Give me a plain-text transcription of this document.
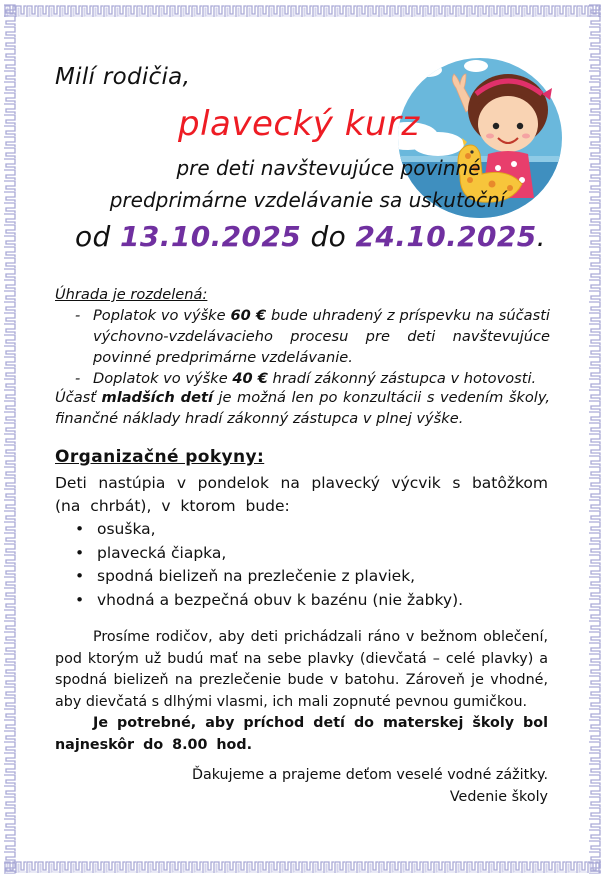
Milí rodičia,
plavecký kurz
pre deti navštevujúce povinné
predprimárne vzdelávanie sa uskutoční
od 13.10.2025 do 24.10.2025.
Úhrada je rozdelená:
- Poplatok vo výške 60 € bude uhradený z príspevku na súčasti výchovno-vzdelávacieho procesu pre deti navštevujúce povinné predprimárne vzdelávanie.
- Doplatok vo výške 40 € hradí zákonný zástupca v hotovosti.
Účasť mladších detí je možná len po konzultácii s vedením školy, finančné náklady hradí zákonný zástupca v plnej výške.
Organizačné pokyny:
Deti nastúpia v pondelok na plavecký výcvik s batôžkom (na chrbát), v ktorom bude:
• osuška,
• plavecká čiapka,
• spodná bielizeň na prezlečenie z plaviek,
• vhodná a bezpečná obuv k bazénu (nie žabky).
Prosíme rodičov, aby deti prichádzali ráno v bežnom oblečení, pod ktorým už budú mať na sebe plavky (dievčatá – celé plavky) a spodná bielizeň na prezlečenie bude v batohu. Zároveň je vhodné, aby dievčatá s dlhými vlasmi, ich mali zopnuté pevnou gumičkou.
Je potrebné, aby príchod detí do materskej školy bol najneskôr do 8.00 hod.
Ďakujeme a prajeme deťom veselé vodné zážitky.
Vedenie školy
